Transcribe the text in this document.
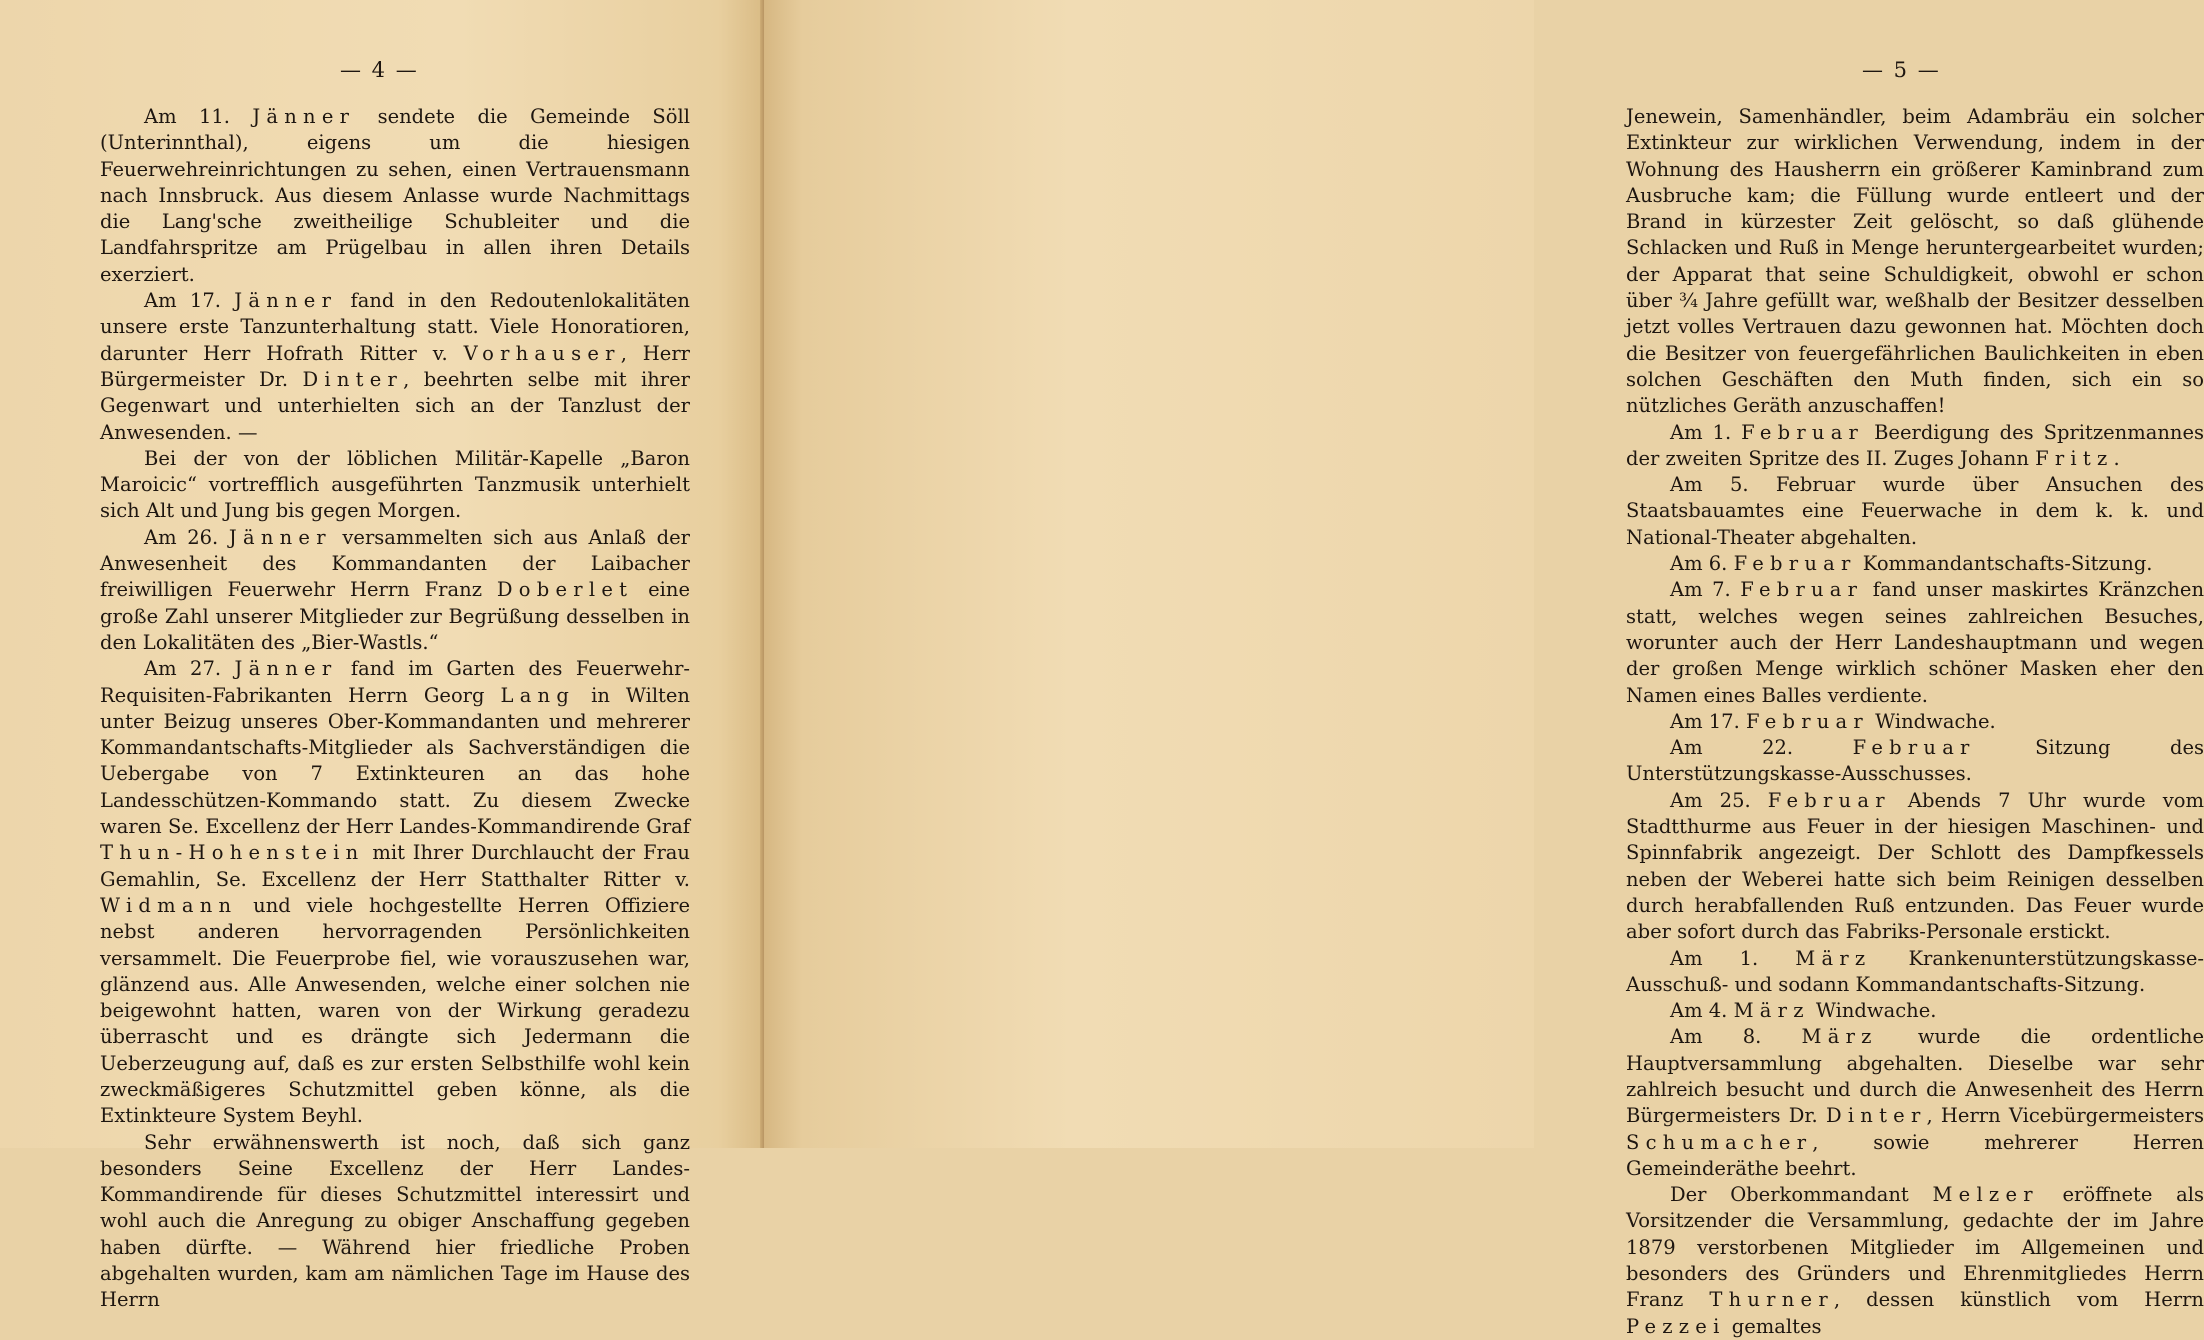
— 4 —

Am 11. Jänner sendete die Gemeinde Söll (Unterinnthal), eigens um die hiesigen Feuerwehreinrichtungen zu sehen, einen Vertrauensmann nach Innsbruck. Aus diesem Anlasse wurde Nachmittags die Lang'sche zweitheilige Schubleiter und die Landfahrspritze am Prügelbau in allen ihren Details exerziert.

Am 17. Jänner fand in den Redoutenlokalitäten unsere erste Tanzunterhaltung statt. Viele Honoratioren, darunter Herr Hofrath Ritter v. Vorhauser, Herr Bürgermeister Dr. Dinter, beehrten selbe mit ihrer Gegenwart und unterhielten sich an der Tanzlust der Anwesenden. —

Bei der von der löblichen Militär-Kapelle „Baron Maroicic“ vortrefflich ausgeführten Tanzmusik unterhielt sich Alt und Jung bis gegen Morgen.

Am 26. Jänner versammelten sich aus Anlaß der Anwesenheit des Kommandanten der Laibacher freiwilligen Feuerwehr Herrn Franz Doberlet eine große Zahl unserer Mitglieder zur Begrüßung desselben in den Lokalitäten des „Bier-Wastls.“

Am 27. Jänner fand im Garten des Feuerwehr-Requisiten-Fabrikanten Herrn Georg Lang in Wilten unter Beizug unseres Ober-Kommandanten und mehrerer Kommandantschafts-Mitglieder als Sachverständigen die Uebergabe von 7 Extinkteuren an das hohe Landesschützen-Kommando statt. Zu diesem Zwecke waren Se. Excellenz der Herr Landes-Kommandirende Graf Thun-Hohenstein mit Ihrer Durchlaucht der Frau Gemahlin, Se. Excellenz der Herr Statthalter Ritter v. Widmann und viele hochgestellte Herren Offiziere nebst anderen hervorragenden Persönlichkeiten versammelt. Die Feuerprobe fiel, wie vorauszusehen war, glänzend aus. Alle Anwesenden, welche einer solchen nie beigewohnt hatten, waren von der Wirkung geradezu überrascht und es drängte sich Jedermann die Ueberzeugung auf, daß es zur ersten Selbsthilfe wohl kein zweckmäßigeres Schutzmittel geben könne, als die Extinkteure System Beyhl.

Sehr erwähnenswerth ist noch, daß sich ganz besonders Seine Excellenz der Herr Landes-Kommandirende für dieses Schutzmittel interessirt und wohl auch die Anregung zu obiger Anschaffung gegeben haben dürfte. — Während hier friedliche Proben abgehalten wurden, kam am nämlichen Tage im Hause des Herrn

— 5 —

Jenewein, Samenhändler, beim Adambräu ein solcher Extinkteur zur wirklichen Verwendung, indem in der Wohnung des Hausherrn ein größerer Kaminbrand zum Ausbruche kam; die Füllung wurde entleert und der Brand in kürzester Zeit gelöscht, so daß glühende Schlacken und Ruß in Menge heruntergearbeitet wurden; der Apparat that seine Schuldigkeit, obwohl er schon über ¾ Jahre gefüllt war, weßhalb der Besitzer desselben jetzt volles Vertrauen dazu gewonnen hat. Möchten doch die Besitzer von feuergefährlichen Baulichkeiten in eben solchen Geschäften den Muth finden, sich ein so nützliches Geräth anzuschaffen!

Am 1. Februar Beerdigung des Spritzenmannes der zweiten Spritze des II. Zuges Johann Fritz.

Am 5. Februar wurde über Ansuchen des Staatsbauamtes eine Feuerwache in dem k. k. und National-Theater abgehalten.

Am 6. Februar Kommandantschafts-Sitzung.

Am 7. Februar fand unser maskirtes Kränzchen statt, welches wegen seines zahlreichen Besuches, worunter auch der Herr Landeshauptmann und wegen der großen Menge wirklich schöner Masken eher den Namen eines Balles verdiente.

Am 17. Februar Windwache.

Am 22. Februar Sitzung des Unterstützungskasse-Ausschusses.

Am 25. Februar Abends 7 Uhr wurde vom Stadtthurme aus Feuer in der hiesigen Maschinen- und Spinnfabrik angezeigt. Der Schlott des Dampfkessels neben der Weberei hatte sich beim Reinigen desselben durch herabfallenden Ruß entzunden. Das Feuer wurde aber sofort durch das Fabriks-Personale erstickt.

Am 1. März Krankenunterstützungskasse-Ausschuß- und sodann Kommandantschafts-Sitzung.

Am 4. März Windwache.

Am 8. März wurde die ordentliche Hauptversammlung abgehalten. Dieselbe war sehr zahlreich besucht und durch die Anwesenheit des Herrn Bürgermeisters Dr. Dinter, Herrn Vicebürgermeisters Schumacher, sowie mehrerer Herren Gemeinderäthe beehrt.

Der Oberkommandant Melzer eröffnete als Vorsitzender die Versammlung, gedachte der im Jahre 1879 verstorbenen Mitglieder im Allgemeinen und besonders des Gründers und Ehrenmitgliedes Herrn Franz Thurner, dessen künstlich vom Herrn Pezzei gemaltes
